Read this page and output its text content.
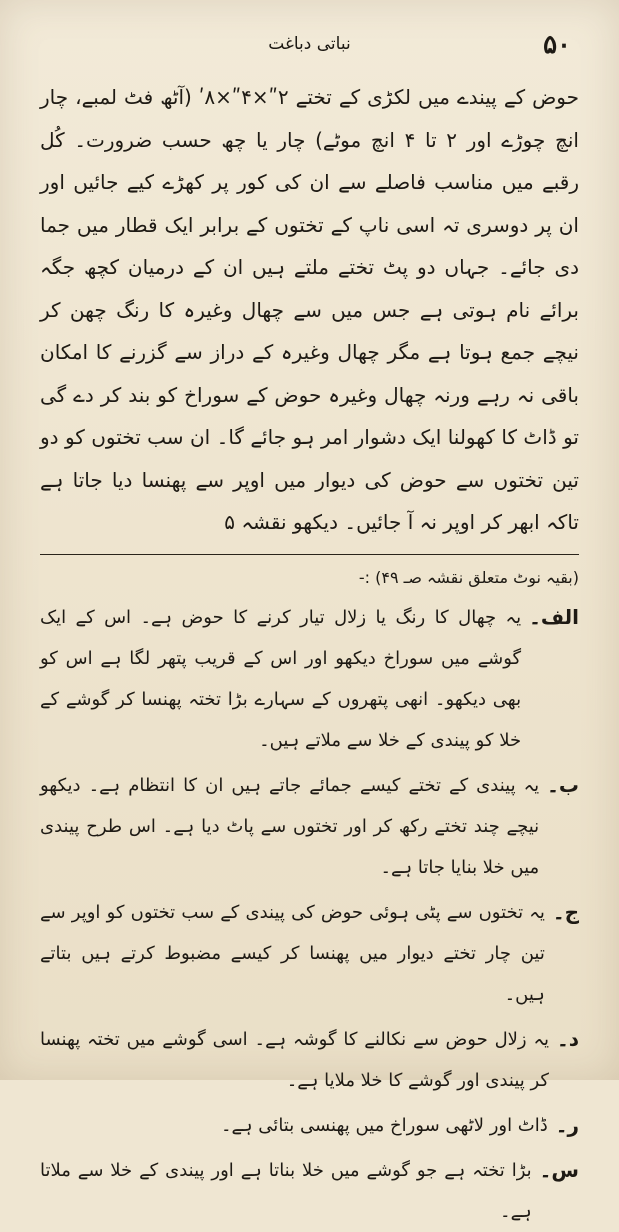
۵۰
نباتی دباغت

حوض کے پیندے میں لکڑی کے تختے ۲ʺ×۴ʺ×۸ʹ (آٹھ فٹ لمبے، چار انچ چوڑے اور ۲ تا ۴ انچ موٹے) چار یا چھ حسب ضرورت۔ کُل رقبے میں مناسب فاصلے سے ان کی کور پر کھڑے کیے جائیں اور ان پر دوسری تہ اسی ناپ کے تختوں کے برابر ایک قطار میں جما دی جائے۔ جہاں دو پٹ تختے ملتے ہیں ان کے درمیان کچھ جگہ برائے نام ہوتی ہے جس میں سے چھال وغیرہ کا رنگ چھن کر نیچے جمع ہوتا ہے مگر چھال وغیرہ کے دراز سے گزرنے کا امکان باقی نہ رہے ورنہ چھال وغیرہ حوض کے سوراخ کو بند کر دے گی تو ڈاٹ کا کھولنا ایک دشوار امر ہو جائے گا۔ ان سب تختوں کو دو تین تختوں سے حوض کی دیوار میں اوپر سے پھنسا دیا جاتا ہے تاکہ ابھر کر اوپر نہ آ جائیں۔ دیکھو نقشہ ۵

(بقیہ نوٹ متعلق نقشہ صـ ۴۹) :-
الف۔
یہ چھال کا رنگ یا زلال تیار کرنے کا حوض ہے۔ اس کے ایک گوشے میں سوراخ دیکھو اور اس کے قریب پتھر لگا ہے اس کو بھی دیکھو۔ انھی پتھروں کے سہارے بڑا تختہ پھنسا کر گوشے کے خلا کو پیندی کے خلا سے ملاتے ہیں۔
ب۔
یہ پیندی کے تختے کیسے جمائے جاتے ہیں ان کا انتظام ہے۔ دیکھو نیچے چند تختے رکھ کر اور تختوں سے پاٹ دیا ہے۔ اس طرح پیندی میں خلا بنایا جاتا ہے۔
ج۔
یہ تختوں سے پٹی ہوئی حوض کی پیندی کے سب تختوں کو اوپر سے تین چار تختے دیوار میں پھنسا کر کیسے مضبوط کرتے ہیں بتاتے ہیں۔
د۔
یہ زلال حوض سے نکالنے کا گوشہ ہے۔ اسی گوشے میں تختہ پھنسا کر پیندی اور گوشے کا خلا ملایا ہے۔
ر۔
ڈاٹ اور لاٹھی سوراخ میں پھنسی بتائی ہے۔
س۔
بڑا تختہ ہے جو گوشے میں خلا بناتا ہے اور پیندی کے خلا سے ملاتا ہے۔
